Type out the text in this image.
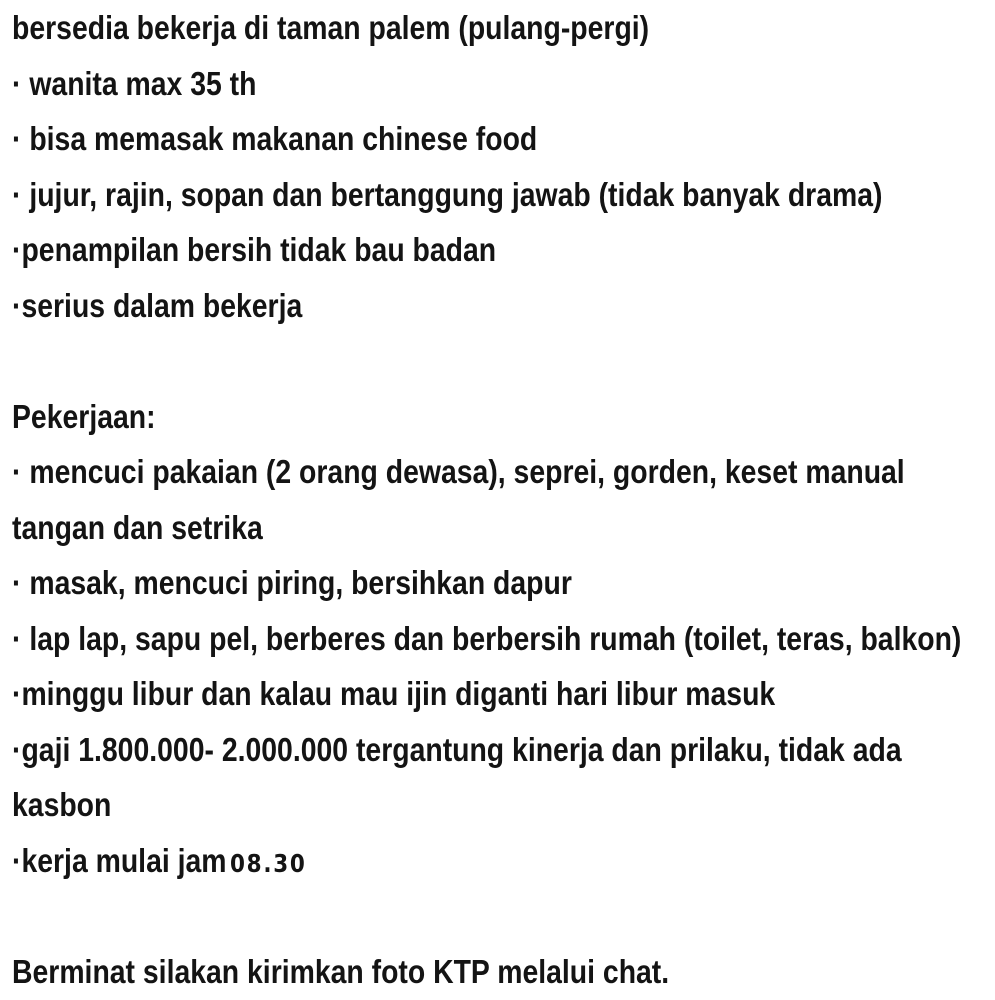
bersedia bekerja di taman palem (pulang-pergi)
· wanita max 35 th
· bisa memasak makanan chinese food
· jujur, rajin, sopan dan bertanggung jawab (tidak banyak drama)
·penampilan bersih tidak bau badan
·serius dalam bekerja
Pekerjaan:
· mencuci pakaian (2 orang dewasa), seprei, gorden, keset manual
tangan dan setrika
· masak, mencuci piring, bersihkan dapur
· lap lap, sapu pel, berberes dan berbersih rumah (toilet, teras, balkon)
·minggu libur dan kalau mau ijin diganti hari libur masuk
·gaji 1.800.000- 2.000.000 tergantung kinerja dan prilaku, tidak ada
kasbon
·kerja mulai jam 08.30
Berminat silakan kirimkan foto KTP melalui chat.
